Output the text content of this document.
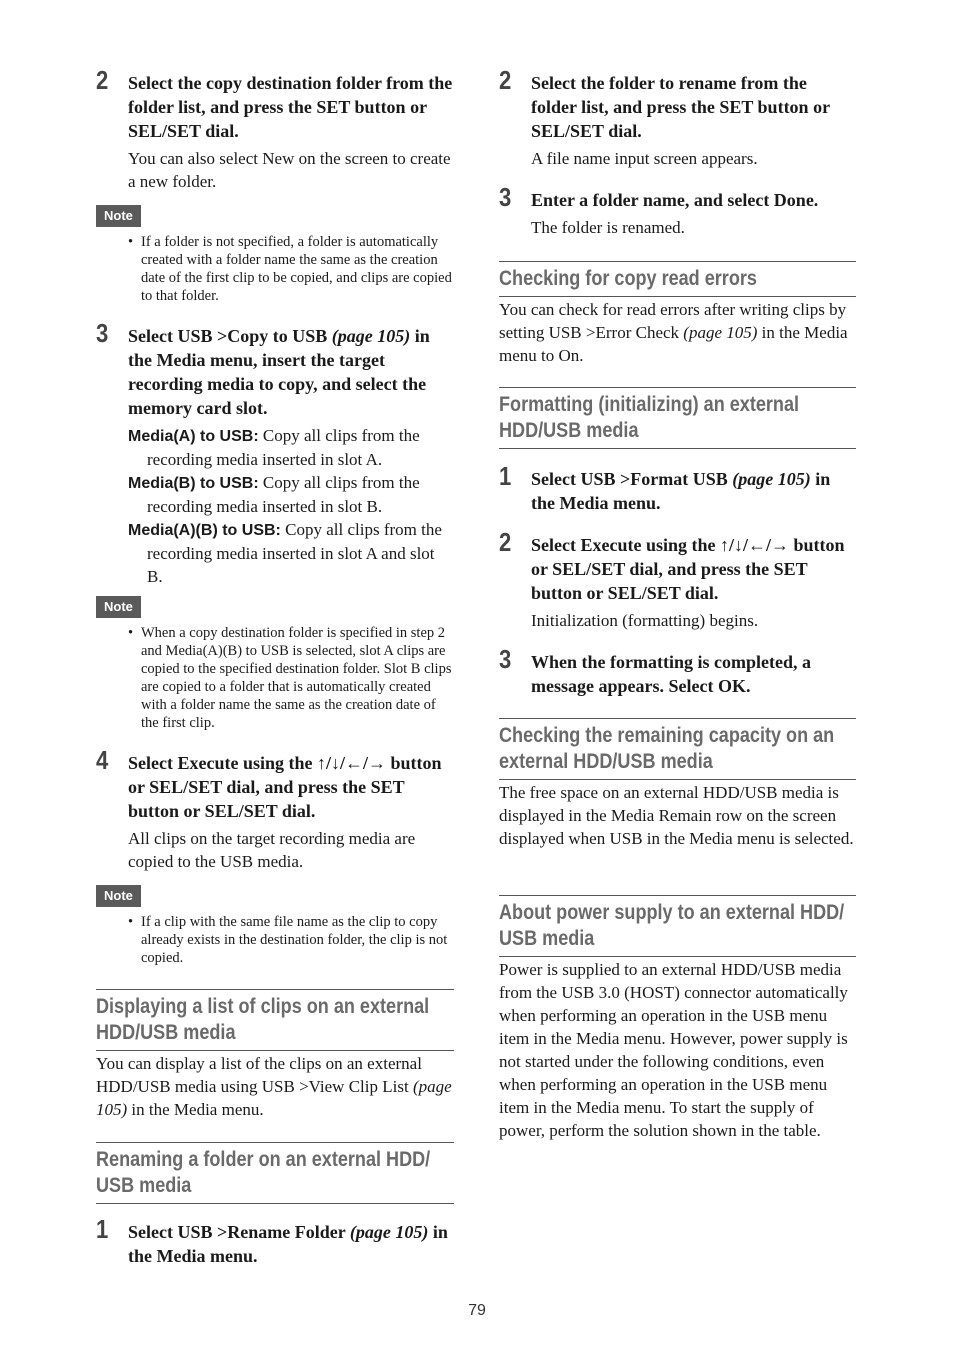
2 Select the copy destination folder from the folder list, and press the SET button or SEL/SET dial.
You can also select New on the screen to create a new folder.
Note
• If a folder is not specified, a folder is automatically created with a folder name the same as the creation date of the first clip to be copied, and clips are copied to that folder.
3 Select USB >Copy to USB (page 105) in the Media menu, insert the target recording media to copy, and select the memory card slot.
Media(A) to USB: Copy all clips from the recording media inserted in slot A.
Media(B) to USB: Copy all clips from the recording media inserted in slot B.
Media(A)(B) to USB: Copy all clips from the recording media inserted in slot A and slot B.
Note
• When a copy destination folder is specified in step 2 and Media(A)(B) to USB is selected, slot A clips are copied to the specified destination folder. Slot B clips are copied to a folder that is automatically created with a folder name the same as the creation date of the first clip.
4 Select Execute using the ↑/↓/←/→ button or SEL/SET dial, and press the SET button or SEL/SET dial.
All clips on the target recording media are copied to the USB media.
Note
• If a clip with the same file name as the clip to copy already exists in the destination folder, the clip is not copied.
Displaying a list of clips on an external HDD/USB media
You can display a list of the clips on an external HDD/USB media using USB >View Clip List (page 105) in the Media menu.
Renaming a folder on an external HDD/ USB media
1 Select USB >Rename Folder (page 105) in the Media menu.
2 Select the folder to rename from the folder list, and press the SET button or SEL/SET dial.
A file name input screen appears.
3 Enter a folder name, and select Done.
The folder is renamed.
Checking for copy read errors
You can check for read errors after writing clips by setting USB >Error Check (page 105) in the Media menu to On.
Formatting (initializing) an external HDD/USB media
1 Select USB >Format USB (page 105) in the Media menu.
2 Select Execute using the ↑/↓/←/→ button or SEL/SET dial, and press the SET button or SEL/SET dial.
Initialization (formatting) begins.
3 When the formatting is completed, a message appears. Select OK.
Checking the remaining capacity on an external HDD/USB media
The free space on an external HDD/USB media is displayed in the Media Remain row on the screen displayed when USB in the Media menu is selected.
About power supply to an external HDD/ USB media
Power is supplied to an external HDD/USB media from the USB 3.0 (HOST) connector automatically when performing an operation in the USB menu item in the Media menu. However, power supply is not started under the following conditions, even when performing an operation in the USB menu item in the Media menu. To start the supply of power, perform the solution shown in the table.
79
